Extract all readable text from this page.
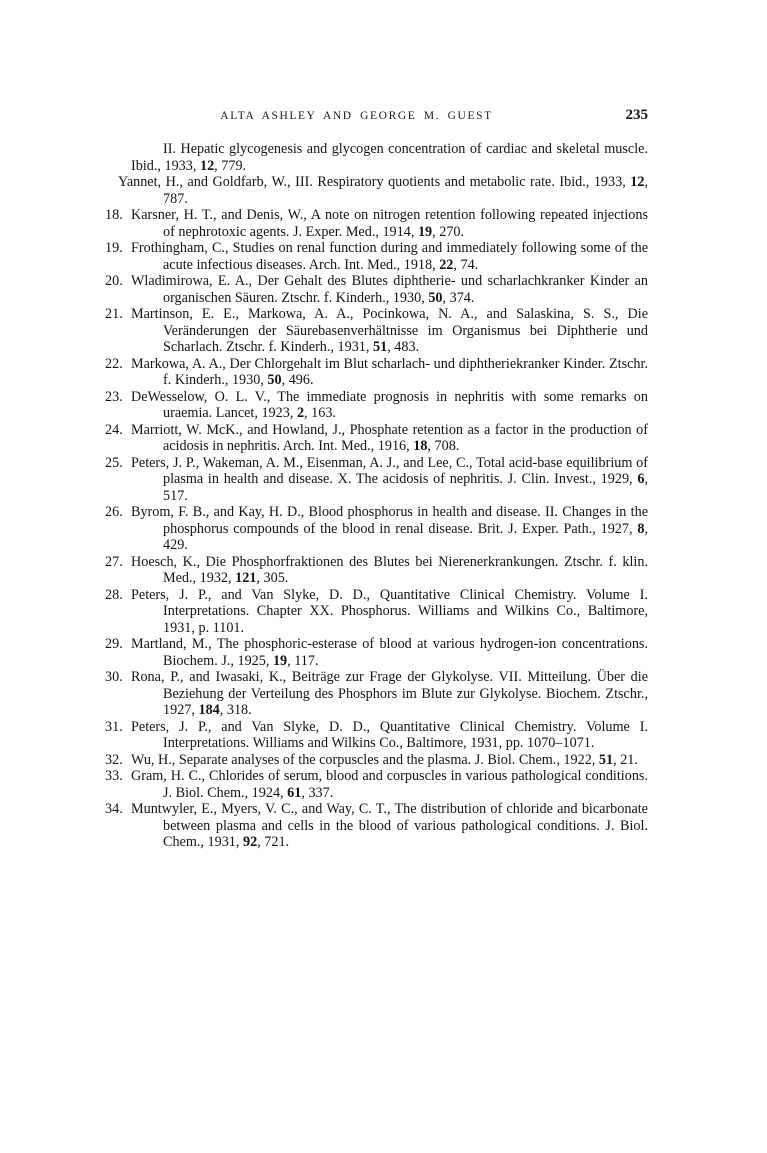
ALTA ASHLEY AND GEORGE M. GUEST	235
II. Hepatic glycogenesis and glycogen concentration of cardiac and skeletal muscle. Ibid., 1933, 12, 779.
Yannet, H., and Goldfarb, W., III. Respiratory quotients and metabolic rate. Ibid., 1933, 12, 787.
18. Karsner, H. T., and Denis, W., A note on nitrogen retention following repeated injections of nephrotoxic agents. J. Exper. Med., 1914, 19, 270.
19. Frothingham, C., Studies on renal function during and immediately following some of the acute infectious diseases. Arch. Int. Med., 1918, 22, 74.
20. Wladimirowa, E. A., Der Gehalt des Blutes diphtherie- und scharlachkranker Kinder an organischen Säuren. Ztschr. f. Kinderh., 1930, 50, 374.
21. Martinson, E. E., Markowa, A. A., Pocinkowa, N. A., and Salaskina, S. S., Die Veränderungen der Säurebasenverhältnisse im Organismus bei Diphtherie und Scharlach. Ztschr. f. Kinderh., 1931, 51, 483.
22. Markowa, A. A., Der Chlorgehalt im Blut scharlach- und diphtheriekranker Kinder. Ztschr. f. Kinderh., 1930, 50, 496.
23. DeWesselow, O. L. V., The immediate prognosis in nephritis with some remarks on uraemia. Lancet, 1923, 2, 163.
24. Marriott, W. McK., and Howland, J., Phosphate retention as a factor in the production of acidosis in nephritis. Arch. Int. Med., 1916, 18, 708.
25. Peters, J. P., Wakeman, A. M., Eisenman, A. J., and Lee, C., Total acid-base equilibrium of plasma in health and disease. X. The acidosis of nephritis. J. Clin. Invest., 1929, 6, 517.
26. Byrom, F. B., and Kay, H. D., Blood phosphorus in health and disease. II. Changes in the phosphorus compounds of the blood in renal disease. Brit. J. Exper. Path., 1927, 8, 429.
27. Hoesch, K., Die Phosphorfraktionen des Blutes bei Nierenerkrankungen. Ztschr. f. klin. Med., 1932, 121, 305.
28. Peters, J. P., and Van Slyke, D. D., Quantitative Clinical Chemistry. Volume I. Interpretations. Chapter XX. Phosphorus. Williams and Wilkins Co., Baltimore, 1931, p. 1101.
29. Martland, M., The phosphoric-esterase of blood at various hydrogen-ion concentrations. Biochem. J., 1925, 19, 117.
30. Rona, P., and Iwasaki, K., Beiträge zur Frage der Glykolyse. VII. Mitteilung. Über die Beziehung der Verteilung des Phosphors im Blute zur Glykolyse. Biochem. Ztschr., 1927, 184, 318.
31. Peters, J. P., and Van Slyke, D. D., Quantitative Clinical Chemistry. Volume I. Interpretations. Williams and Wilkins Co., Baltimore, 1931, pp. 1070–1071.
32. Wu, H., Separate analyses of the corpuscles and the plasma. J. Biol. Chem., 1922, 51, 21.
33. Gram, H. C., Chlorides of serum, blood and corpuscles in various pathological conditions. J. Biol. Chem., 1924, 61, 337.
34. Muntwyler, E., Myers, V. C., and Way, C. T., The distribution of chloride and bicarbonate between plasma and cells in the blood of various pathological conditions. J. Biol. Chem., 1931, 92, 721.
